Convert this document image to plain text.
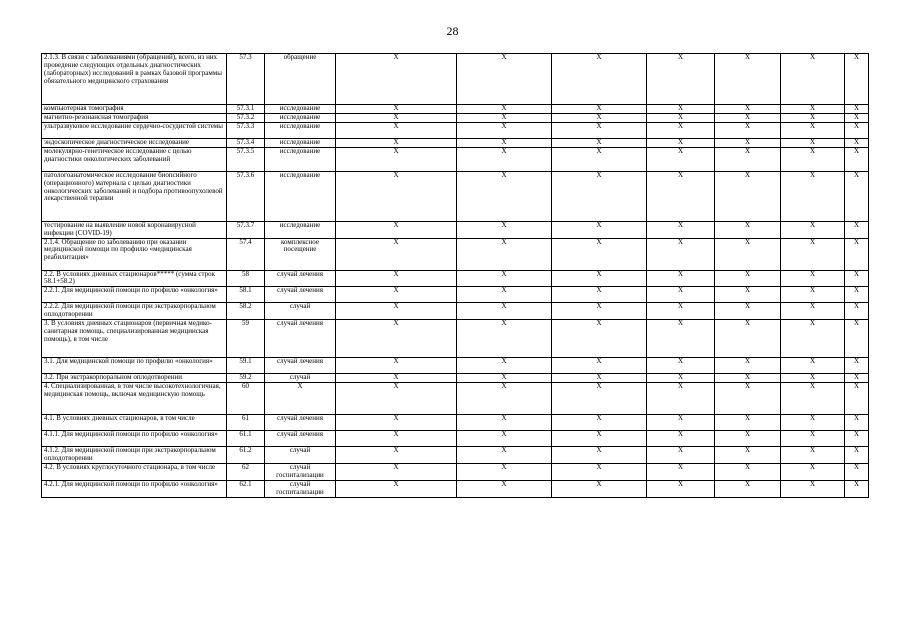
28
2.1.3. В связи с заболеваниями (обращений), всего, из них проведение следующих отдельных диагностических (лабораторных) исследований в рамках базовой программы обязательного медицинского страхования	57.3	обращение	X	X	X	X	X	X	X
компьютерная томография	57.3.1	исследование	X	X	X	X	X	X	X
магнитно-резонансная томография	57.3.2	исследование	X	X	X	X	X	X	X
ультразвуковое исследование сердечно-сосудистой системы	57.3.3	исследование	X	X	X	X	X	X	X
эндоскопическое диагностическое исследование	57.3.4	исследование	X	X	X	X	X	X	X
молекулярно-генетическое исследование с целью диагностики онкологических заболеваний	57.3.5	исследование	X	X	X	X	X	X	X
патологоанатомическое исследование биопсийного (операционного) материала с целью диагностики онкологических заболеваний и подбора противоопухолевой лекарственной терапии	57.3.6	исследование	X	X	X	X	X	X	X
тестирование на выявление новой коронавирусной инфекции (COVID-19)	57.3.7	исследование	X	X	X	X	X	X	X
2.1.4. Обращение по заболеванию при оказании медицинской помощи по профилю «медицинская реабилитация»	57.4	комплексное посещение	X	X	X	X	X	X	X
2.2. В условиях дневных стационаров***** (сумма строк 58.1+58.2)	58	случай лечения	X	X	X	X	X	X	X
2.2.1. Для медицинской помощи по профилю «онкология»	58.1	случай лечения	X	X	X	X	X	X	X
2.2.2. Для медицинской помощи при экстракорпоральном оплодотворении	58.2	случай	X	X	X	X	X	X	X
3. В условиях дневных стационаров (первичная медико-санитарная помощь, специализированная медицинская помощь), в том числе	59	случай лечения	X	X	X	X	X	X	X
3.1. Для медицинской помощи по профилю «онкология»	59.1	случай лечения	X	X	X	X	X	X	X
3.2. При экстракорпоральном оплодотворении	59.2	случай	X	X	X	X	X	X	X
4. Специализированная, в том числе высокотехнологичная, медицинская помощь, включая медицинскую помощь	60	X	X	X	X	X	X	X	X
4.1. В условиях дневных стационаров, в том числе	61	случай лечения	X	X	X	X	X	X	X
4.1.1. Для медицинской помощи по профилю «онкология»	61.1	случай лечения	X	X	X	X	X	X	X
4.1.2. Для медицинской помощи при экстракорпоральном оплодотворении	61.2	случай	X	X	X	X	X	X	X
4.2. В условиях круглосуточного стационара, в том числе	62	случай госпитализации	X	X	X	X	X	X	X
4.2.1. Для медицинской помощи по профилю «онкология»	62.1	случай госпитализации	X	X	X	X	X	X	X
